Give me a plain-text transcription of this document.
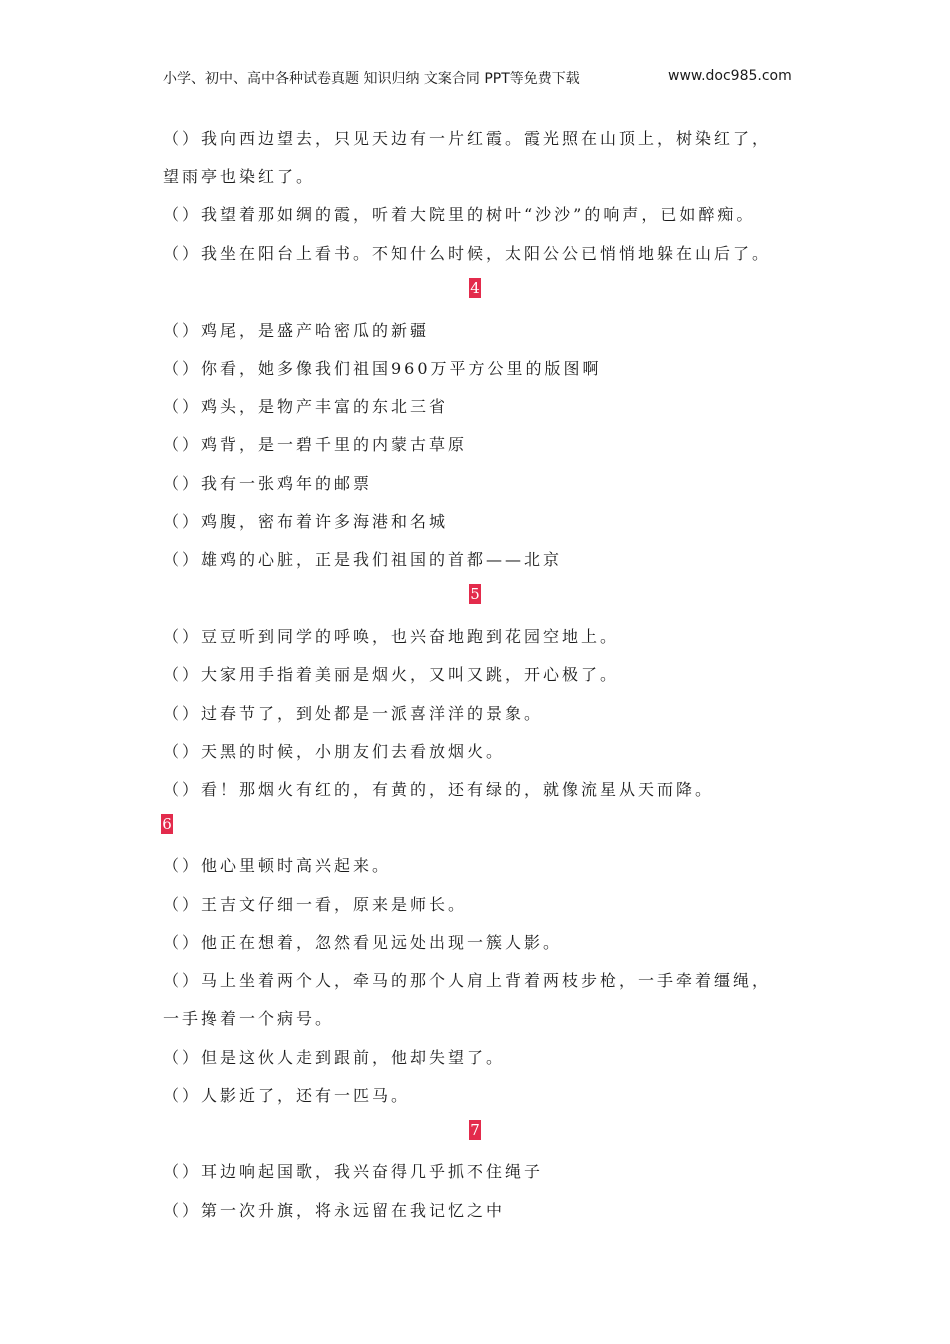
小学、初中、高中各种试卷真题 知识归纳 文案合同 PPT等免费下载	www.doc985.com
（）我向西边望去，只见天边有一片红霞。霞光照在山顶上，树染红了，
望雨亭也染红了。
（）我望着那如绸的霞，听着大院里的树叶“沙沙”的响声，已如醉痴。
（）我坐在阳台上看书。不知什么时候，太阳公公已悄悄地躲在山后了。
4
（）鸡尾，是盛产哈密瓜的新疆
（）你看，她多像我们祖国960万平方公里的版图啊
（）鸡头，是物产丰富的东北三省
（）鸡背，是一碧千里的内蒙古草原
（）我有一张鸡年的邮票
（）鸡腹，密布着许多海港和名城
（）雄鸡的心脏，正是我们祖国的首都——北京
5
（）豆豆听到同学的呼唤，也兴奋地跑到花园空地上。
（）大家用手指着美丽是烟火，又叫又跳，开心极了。
（）过春节了，到处都是一派喜洋洋的景象。
（）天黑的时候，小朋友们去看放烟火。
（）看！那烟火有红的，有黄的，还有绿的，就像流星从天而降。
6
（）他心里顿时高兴起来。
（）王吉文仔细一看，原来是师长。
（）他正在想着，忽然看见远处出现一簇人影。
（）马上坐着两个人，牵马的那个人肩上背着两枝步枪，一手牵着缰绳，
一手搀着一个病号。
（）但是这伙人走到跟前，他却失望了。
（）人影近了，还有一匹马。
7
（）耳边响起国歌，我兴奋得几乎抓不住绳子
（）第一次升旗，将永远留在我记忆之中
